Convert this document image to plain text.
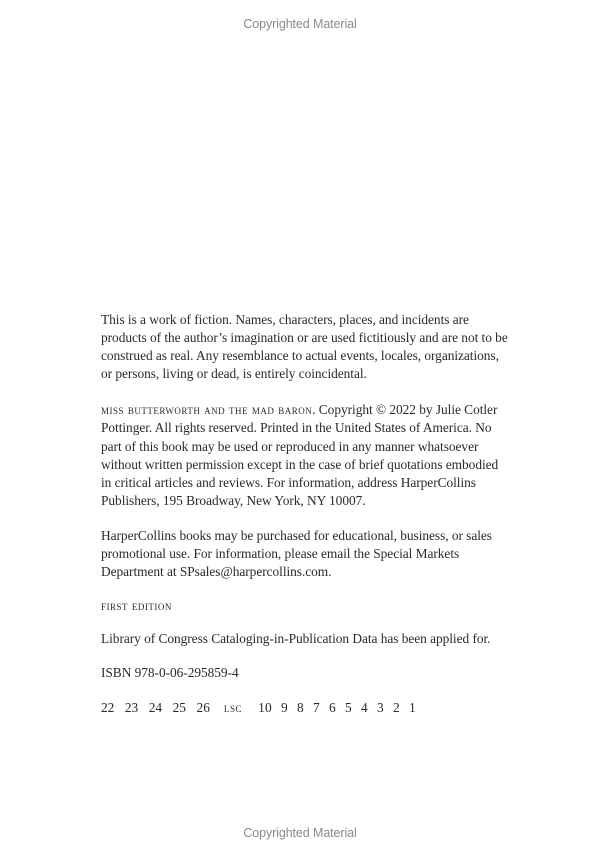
Copyrighted Material

This is a work of fiction. Names, characters, places, and incidents are products of the author’s imagination or are used fictitiously and are not to be construed as real. Any resemblance to actual events, locales, organizations, or persons, living or dead, is entirely coincidental.

miss butterworth and the mad baron. Copyright © 2022 by Julie Cotler Pottinger. All rights reserved. Printed in the United States of America. No part of this book may be used or reproduced in any manner whatsoever without written permission except in the case of brief quotations embodied in critical articles and reviews. For information, address HarperCollins Publishers, 195 Broadway, New York, NY 10007.

HarperCollins books may be purchased for educational, business, or sales promotional use. For information, please email the Special Markets Department at SPsales@harpercollins.com.

first edition

Library of Congress Cataloging-in-Publication Data has been applied for.

ISBN 978-0-06-295859-4

22  23  24  25  26 lsc 10  9  8  7  6  5  4  3  2  1

Copyrighted Material
